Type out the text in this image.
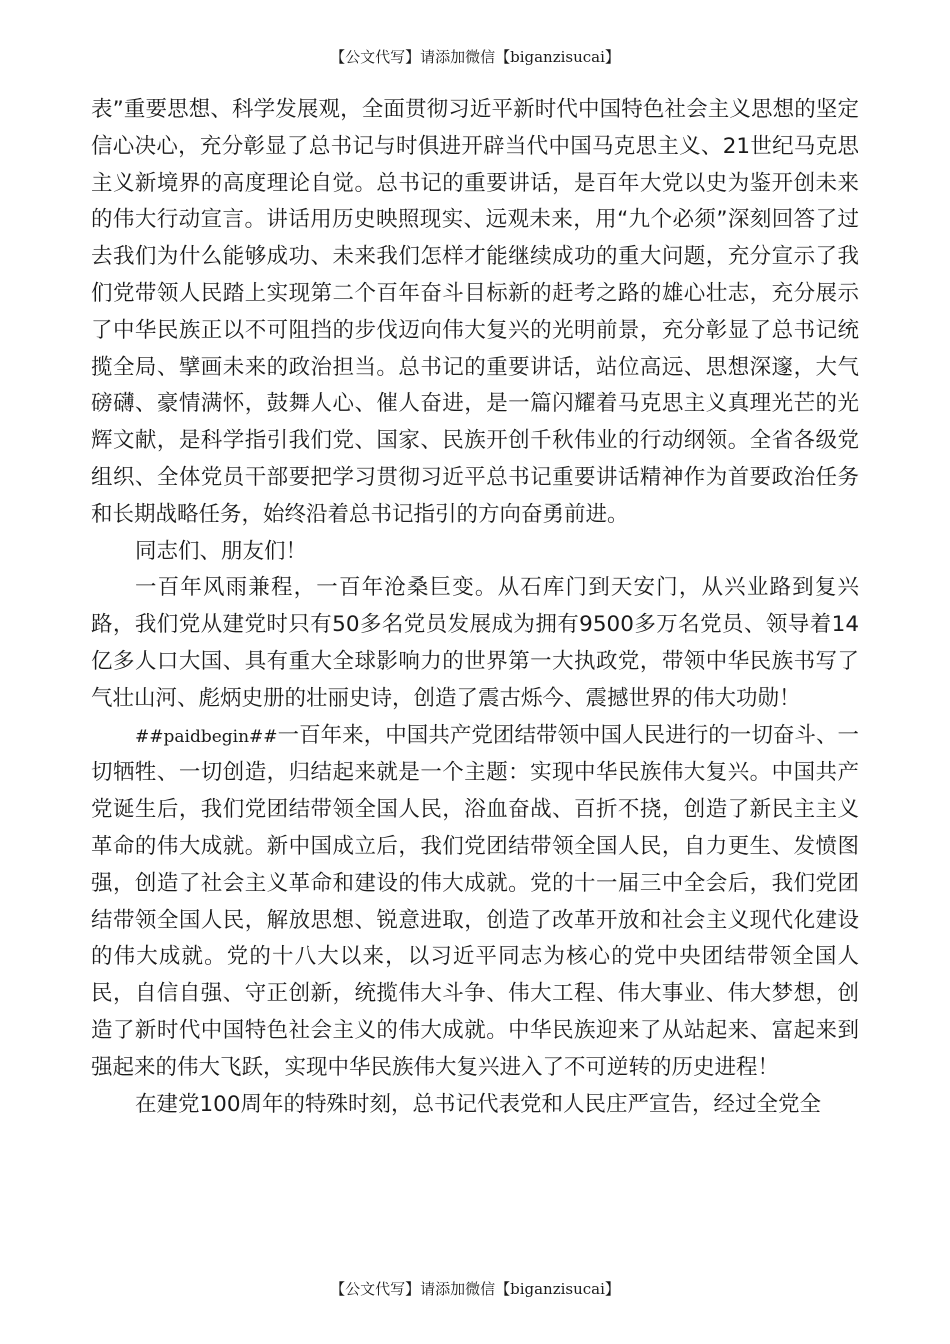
【公文代写】请添加微信【biganzisucai】

表”重要思想、科学发展观，全面贯彻习近平新时代中国特色社会主义思想的坚定信心决心，充分彰显了总书记与时俱进开辟当代中国马克思主义、21世纪马克思主义新境界的高度理论自觉。总书记的重要讲话，是百年大党以史为鉴开创未来的伟大行动宣言。讲话用历史映照现实、远观未来，用“九个必须”深刻回答了过去我们为什么能够成功、未来我们怎样才能继续成功的重大问题，充分宣示了我们党带领人民踏上实现第二个百年奋斗目标新的赶考之路的雄心壮志，充分展示了中华民族正以不可阻挡的步伐迈向伟大复兴的光明前景，充分彰显了总书记统揽全局、擘画未来的政治担当。总书记的重要讲话，站位高远、思想深邃，大气磅礴、豪情满怀，鼓舞人心、催人奋进，是一篇闪耀着马克思主义真理光芒的光辉文献，是科学指引我们党、国家、民族开创千秋伟业的行动纲领。全省各级党组织、全体党员干部要把学习贯彻习近平总书记重要讲话精神作为首要政治任务和长期战略任务，始终沿着总书记指引的方向奋勇前进。

同志们、朋友们！

一百年风雨兼程，一百年沧桑巨变。从石库门到天安门，从兴业路到复兴路，我们党从建党时只有50多名党员发展成为拥有9500多万名党员、领导着14亿多人口大国、具有重大全球影响力的世界第一大执政党，带领中华民族书写了气壮山河、彪炳史册的壮丽史诗，创造了震古烁今、震撼世界的伟大功勋！

##paidbegin##一百年来，中国共产党团结带领中国人民进行的一切奋斗、一切牺牲、一切创造，归结起来就是一个主题：实现中华民族伟大复兴。中国共产党诞生后，我们党团结带领全国人民，浴血奋战、百折不挠，创造了新民主主义革命的伟大成就。新中国成立后，我们党团结带领全国人民，自力更生、发愤图强，创造了社会主义革命和建设的伟大成就。党的十一届三中全会后，我们党团结带领全国人民，解放思想、锐意进取，创造了改革开放和社会主义现代化建设的伟大成就。党的十八大以来，以习近平同志为核心的党中央团结带领全国人民，自信自强、守正创新，统揽伟大斗争、伟大工程、伟大事业、伟大梦想，创造了新时代中国特色社会主义的伟大成就。中华民族迎来了从站起来、富起来到强起来的伟大飞跃，实现中华民族伟大复兴进入了不可逆转的历史进程！

在建党100周年的特殊时刻，总书记代表党和人民庄严宣告，经过全党全

【公文代写】请添加微信【biganzisucai】
